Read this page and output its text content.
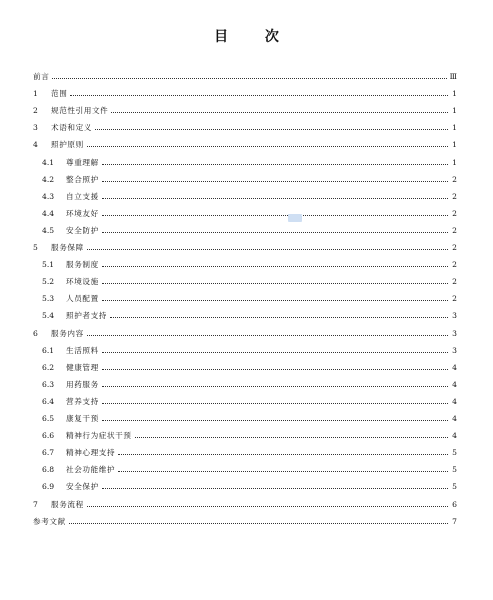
目 次
前言	Ⅲ
1	范围	1
2	规范性引用文件	1
3	术语和定义	1
4	照护原则	1
4.1	尊重理解	1
4.2	整合照护	2
4.3	自立支援	2
4.4	环境友好	2
4.5	安全防护	2
5	服务保障	2
5.1	服务制度	2
5.2	环境设施	2
5.3	人员配置	2
5.4	照护者支持	3
6	服务内容	3
6.1	生活照料	3
6.2	健康管理	4
6.3	用药服务	4
6.4	营养支持	4
6.5	康复干预	4
6.6	精神行为症状干预	4
6.7	精神心理支持	5
6.8	社会功能维护	5
6.9	安全保护	5
7	服务流程	6
参考文献	7
